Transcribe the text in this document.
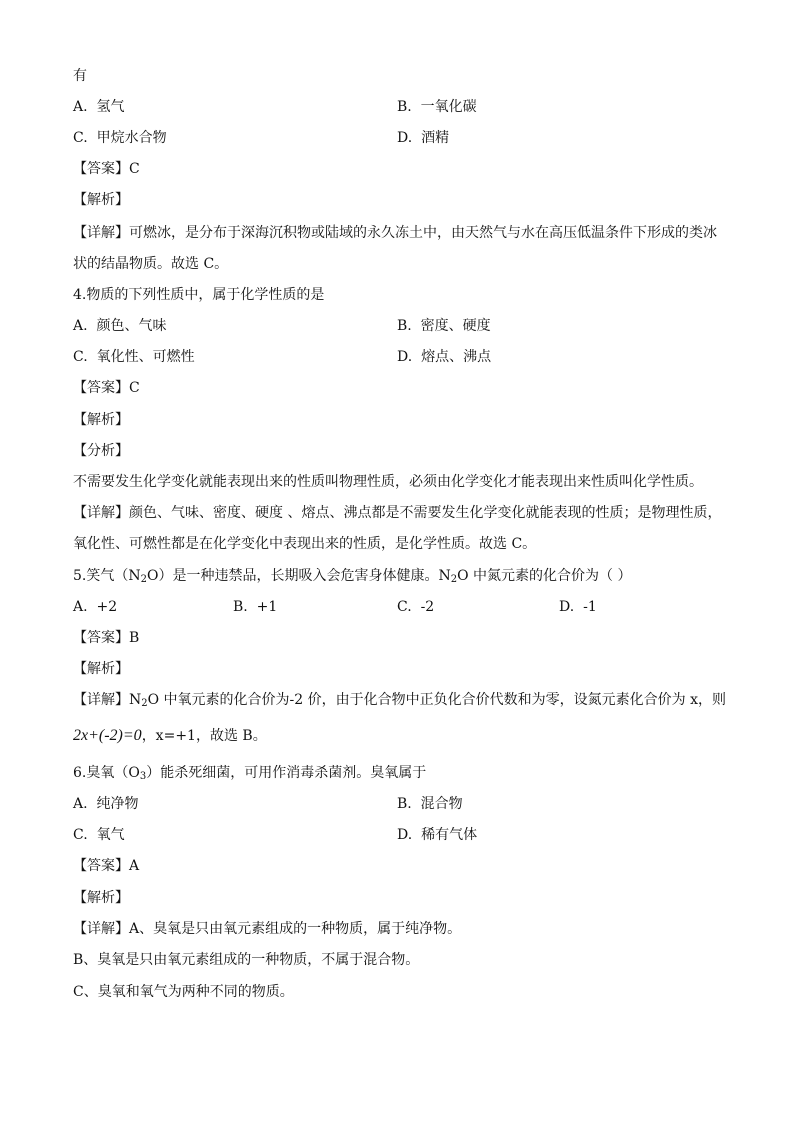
有
A. 氢气	B. 一氧化碳
C. 甲烷水合物	D. 酒精
【答案】C
【解析】
【详解】可燃冰，是分布于深海沉积物或陆域的永久冻土中，由天然气与水在高压低温条件下形成的类冰
状的结晶物质。故选 C。
4.物质的下列性质中，属于化学性质的是
A. 颜色、气味	B. 密度、硬度
C. 氧化性、可燃性	D. 熔点、沸点
【答案】C
【解析】
【分析】
不需要发生化学变化就能表现出来的性质叫物理性质，必须由化学变化才能表现出来性质叫化学性质。
【详解】颜色、气味、密度、硬度 、熔点、沸点都是不需要发生化学变化就能表现的性质；是物理性质，
氧化性、可燃性都是在化学变化中表现出来的性质，是化学性质。故选 C。
5.笑气$(N_2O)$是一种违禁品，长期吸入会危害身体健康。$N_2O$ 中氮元素的化合价为（ ）
A. +2	B. +1	C. -2	D. -1
【答案】B
【解析】
【详解】$N_2O$ 中氧元素的化合价为-2 价，由于化合物中正负化合价代数和为零，设氮元素化合价为 x，则
2x+(-2)=0，x=+1，故选 B。
6.臭氧$(O_3)$能杀死细菌，可用作消毒杀菌剂。臭氧属于
A. 纯净物	B. 混合物
C. 氧气	D. 稀有气体
【答案】A
【解析】
【详解】A、臭氧是只由氧元素组成的一种物质，属于纯净物。
B、臭氧是只由氧元素组成的一种物质，不属于混合物。
C、臭氧和氧气为两种不同的物质。
